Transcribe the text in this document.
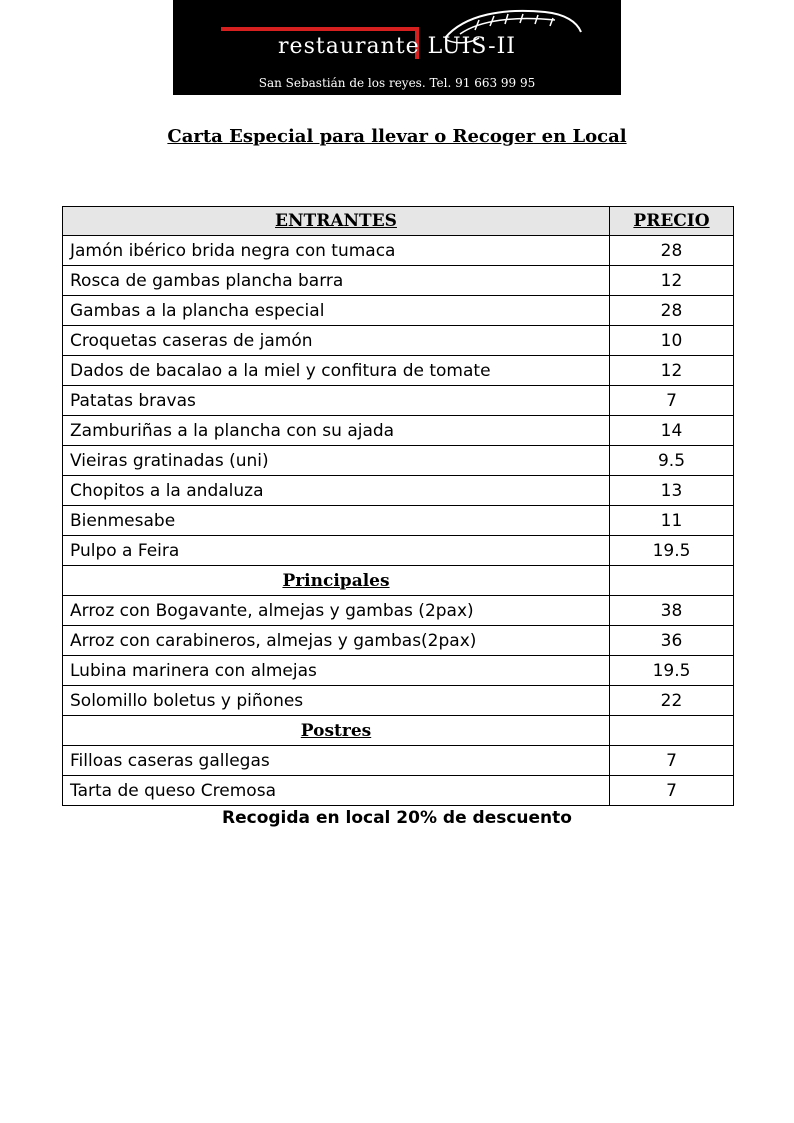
restaurante LUIS-II
San Sebastián de los reyes. Tel. 91 663 99 95
Carta Especial para llevar o Recoger en Local
ENTRANTES	PRECIO
Jamón ibérico brida negra con tumaca	28
Rosca de gambas plancha barra	12
Gambas a la plancha especial	28
Croquetas caseras de jamón	10
Dados de bacalao a la miel y confitura de tomate	12
Patatas bravas	7
Zamburiñas a la plancha con su ajada	14
Vieiras gratinadas (uni)	9.5
Chopitos a la andaluza	13
Bienmesabe	11
Pulpo a Feira	19.5
Principales	
Arroz con Bogavante, almejas y gambas (2pax)	38
Arroz con carabineros, almejas y gambas(2pax)	36
Lubina marinera con almejas	19.5
Solomillo boletus y piñones	22
Postres	
Filloas caseras gallegas	7
Tarta de queso Cremosa	7
Recogida en local 20% de descuento
